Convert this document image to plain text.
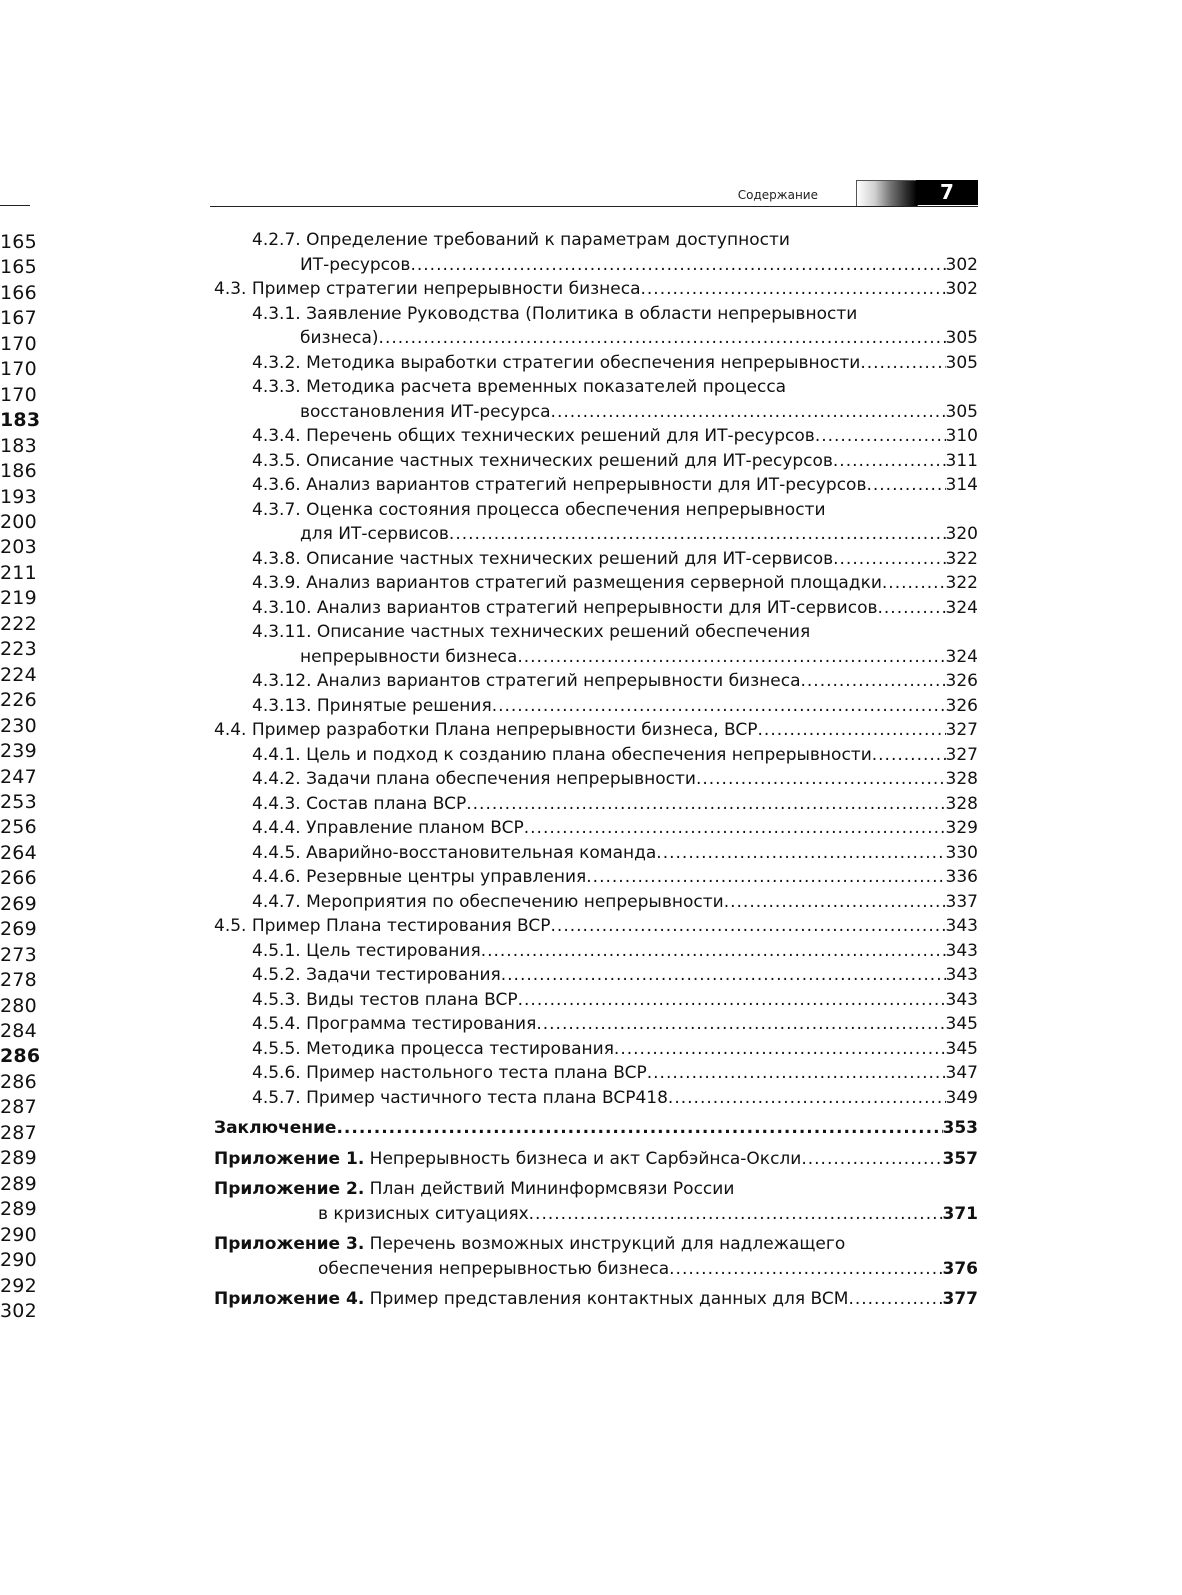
165
165
166
167
170
170
170
183
183
186
193
200
203
211
219
222
223
224
226
230
239
247
253
256
264
266
269
269
273
278
280
284
286
286
287
287
289
289
289
290
290
292
302
Содержание	7
4.2.7. Определение требований к параметрам доступности
ИТ-ресурсов .....	302
4.3. Пример стратегии непрерывности бизнеса .....	302
4.3.1. Заявление Руководства (Политика в области непрерывности
бизнеса) .....	305
4.3.2. Методика выработки стратегии обеспечения непрерывности .....	305
4.3.3. Методика расчета временных показателей процесса
восстановления ИТ-ресурса .....	305
4.3.4. Перечень общих технических решений для ИТ-ресурсов .....	310
4.3.5. Описание частных технических решений для ИТ-ресурсов .....	311
4.3.6. Анализ вариантов стратегий непрерывности для ИТ-ресурсов .....	314
4.3.7. Оценка состояния процесса обеспечения непрерывности
для ИТ-сервисов .....	320
4.3.8. Описание частных технических решений для ИТ-сервисов .....	322
4.3.9. Анализ вариантов стратегий размещения серверной площадки .....	322
4.3.10. Анализ вариантов стратегий непрерывности для ИТ-сервисов .....	324
4.3.11. Описание частных технических решений обеспечения
непрерывности бизнеса .....	324
4.3.12. Анализ вариантов стратегий непрерывности бизнеса .....	326
4.3.13. Принятые решения .....	326
4.4. Пример разработки Плана непрерывности бизнеса, BCP .....	327
4.4.1. Цель и подход к созданию плана обеспечения непрерывности .....	327
4.4.2. Задачи плана обеспечения непрерывности .....	328
4.4.3. Состав плана BCP .....	328
4.4.4. Управление планом BCP .....	329
4.4.5. Аварийно-восстановительная команда .....	330
4.4.6. Резервные центры управления .....	336
4.4.7. Мероприятия по обеспечению непрерывности .....	337
4.5. Пример Плана тестирования BCP .....	343
4.5.1. Цель тестирования .....	343
4.5.2. Задачи тестирования .....	343
4.5.3. Виды тестов плана BCP .....	343
4.5.4. Программа тестирования .....	345
4.5.5. Методика процесса тестирования .....	345
4.5.6. Пример настольного теста плана BCP .....	347
4.5.7. Пример частичного теста плана BCP418 .....	349
Заключение .....	353
Приложение 1. Непрерывность бизнеса и акт Сарбэйнса-Оксли .....	357
Приложение 2. План действий Мининформсвязи России
в кризисных ситуациях .....	371
Приложение 3. Перечень возможных инструкций для надлежащего
обеспечения непрерывностью бизнеса .....	376
Приложение 4. Пример представления контактных данных для BCM .....	377
